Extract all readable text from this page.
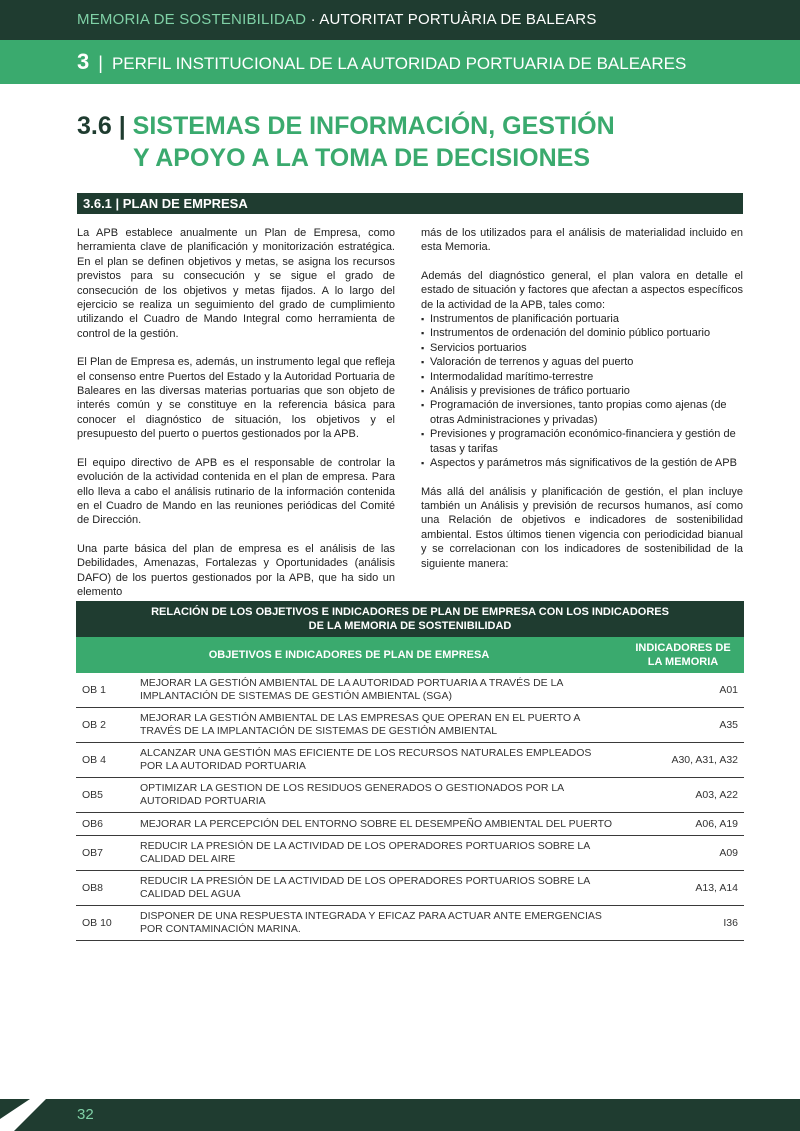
MEMORIA DE SOSTENIBILIDAD · AUTORITAT PORTUÀRIA DE BALEARS
3 | PERFIL INSTITUCIONAL DE LA AUTORIDAD PORTUARIA DE BALEARES
3.6 | SISTEMAS DE INFORMACIÓN, GESTIÓN
Y APOYO A LA TOMA DE DECISIONES
3.6.1 | PLAN DE EMPRESA

La APB establece anualmente un Plan de Empresa, como herramienta clave de planificación y monitorización estratégica. En el plan se definen objetivos y metas, se asigna los recursos previstos para su consecución y se sigue el grado de consecución de los objetivos y metas fijados. A lo largo del ejercicio se realiza un seguimiento del grado de cumplimiento utilizando el Cuadro de Mando Integral como herramienta de control de la gestión.

El Plan de Empresa es, además, un instrumento legal que refleja el consenso entre Puertos del Estado y la Autoridad Portuaria de Baleares en las diversas materias portuarias que son objeto de interés común y se constituye en la referencia básica para conocer el diagnóstico de situación, los objetivos y el presupuesto del puerto o puertos gestionados por la APB.

El equipo directivo de APB es el responsable de controlar la evolución de la actividad contenida en el plan de empresa. Para ello lleva a cabo el análisis rutinario de la información contenida en el Cuadro de Mando en las reuniones periódicas del Comité de Dirección.

Una parte básica del plan de empresa es el análisis de las Debilidades, Amenazas, Fortalezas y Oportunidades (análisis DAFO) de los puertos gestionados por la APB, que ha sido un elemento

más de los utilizados para el análisis de materialidad incluido en esta Memoria.

Además del diagnóstico general, el plan valora en detalle el estado de situación y factores que afectan a aspectos específicos de la actividad de la APB, tales como:

▪ Instrumentos de planificación portuaria
▪ Instrumentos de ordenación del dominio público portuario
▪ Servicios portuarios
▪ Valoración de terrenos y aguas del puerto
▪ Intermodalidad marítimo-terrestre
▪ Análisis y previsiones de tráfico portuario
▪ Programación de inversiones, tanto propias como ajenas (de otras Administraciones y privadas)
▪ Previsiones y programación económico-financiera y gestión de tasas y tarifas
▪ Aspectos y parámetros más significativos de la gestión de APB

Más allá del análisis y planificación de gestión, el plan incluye también un Análisis y previsión de recursos humanos, así como una Relación de objetivos e indicadores de sostenibilidad ambiental. Estos últimos tienen vigencia con periodicidad bianual y se correlacionan con los indicadores de sostenibilidad de la siguiente manera:

RELACIÓN DE LOS OBJETIVOS E INDICADORES DE PLAN DE EMPRESA CON LOS INDICADORES
DE LA MEMORIA DE SOSTENIBILIDAD		
OBJETIVOS E INDICADORES DE PLAN DE EMPRESA		INDICADORES DE
LA MEMORIA
OB 1	MEJORAR LA GESTIÓN AMBIENTAL DE LA AUTORIDAD PORTUARIA A TRAVÉS DE LA IMPLANTACIÓN DE SISTEMAS DE GESTIÓN AMBIENTAL (SGA)	A01
OB 2	MEJORAR LA GESTIÓN AMBIENTAL DE LAS EMPRESAS QUE OPERAN EN EL PUERTO A TRAVÉS DE LA IMPLANTACIÓN DE SISTEMAS DE GESTIÓN AMBIENTAL	A35
OB 4	ALCANZAR UNA GESTIÓN MAS EFICIENTE DE LOS RECURSOS NATURALES EMPLEADOS POR LA AUTORIDAD PORTUARIA	A30, A31, A32
OB5	OPTIMIZAR LA GESTION DE LOS RESIDUOS GENERADOS O GESTIONADOS POR LA AUTORIDAD PORTUARIA	A03, A22
OB6	MEJORAR LA PERCEPCIÓN DEL ENTORNO SOBRE EL DESEMPEÑO AMBIENTAL DEL PUERTO	A06, A19
OB7	REDUCIR LA PRESIÓN DE LA ACTIVIDAD DE LOS OPERADORES PORTUARIOS SOBRE LA CALIDAD DEL AIRE	A09
OB8	REDUCIR LA PRESIÓN DE LA ACTIVIDAD DE LOS OPERADORES PORTUARIOS SOBRE LA CALIDAD DEL AGUA	A13, A14
OB 10	DISPONER DE UNA RESPUESTA INTEGRADA Y EFICAZ PARA ACTUAR ANTE EMERGENCIAS POR CONTAMINACIÓN MARINA.	I36
32
